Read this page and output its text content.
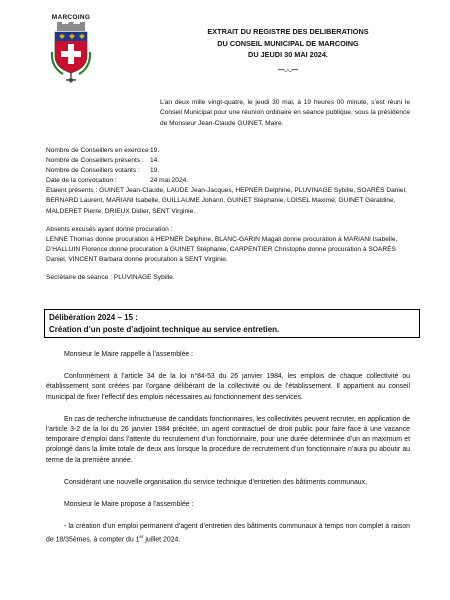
MARCOING
EXTRAIT DU REGISTRE DES DELIBERATIONS
DU CONSEIL MUNICIPAL DE MARCOING
DU JEUDI 30 MAI 2024.
—.-.—
L’an deux mille vingt-quatre, le jeudi 30 mai, à 19 heures 00 minute, s’est réuni le Conseil Municipal pour une réunion ordinaire en séance publique, sous la présidence de Monsieur Jean-Claude GUINET, Maire.
Nombre de Conseillers en exercice :19.
Nombre de Conseillers présents : 14.
Nombre de Conseillers votants : 19.
Date de la convocation :	24 mai 2024.
Etaient présents : GUINET Jean-Claude, LAUDE Jean-Jacques, HEPNER Delphine, PLUVINAGE Sybille, SOARÈS Daniel, BERNARD Laurent, MARIANI Isabelle, GUILLAUME Johann, GUINET Stéphanie, LOISEL Maxime, GUINET Géraldine, MALDERET Pierre, DRIEUX Didier, SENT Virginie.
Absents excusés ayant donné procuration :
LENNE Thomas donne procuration à HEPNER Delphine, BLANC-GARIN Magali donne procuration à MARIANI Isabelle, D’HALLUIN Florence donne procuration à GUINET Stéphanie, CARPENTIER Christophe donne procuration à SOARÈS Daniel, VINCENT Barbara donne procuration à SENT Virginie.
Secrétaire de séance : PLUVINAGE Sybille.
Délibération 2024 – 15 :
Création d’un poste d’adjoint technique au service entretien.

Monsieur le Maire rappelle à l’assemblée :

Conformément à l’article 34 de la loi n°84-53 du 26 janvier 1984, les emplois de chaque collectivité ou établissement sont créées par l’organe délibérant de la collectivité ou de l’établissement. Il appartient au conseil municipal de fixer l’effectif des emplois nécessaires au fonctionnement des services.

En cas de recherche infructueuse de candidats fonctionnaires, les collectivités peuvent recruter, en application de l’article 3-2 de la loi du 26 janvier 1984 précitée, un agent contractuel de droit public pour faire face à une vacance temporaire d’emploi dans l’attente du recrutement d’un fonctionnaire, pour une durée déterminée d’un an maximum et prolongé dans la limite totale de deux ans lorsque la procédure de recrutement d’un fonctionnaire n’aura pu aboutir au terme de la première année.

Considérant une nouvelle organisation du service technique d’entretien des bâtiments communaux,

Monsieur le Maire propose à l’assemblée :

- la création d’un emploi permanent d’agent d’entretien des bâtiments communaux à temps non complet à raison de 18/35èmes, à compter du 1er juillet 2024.
